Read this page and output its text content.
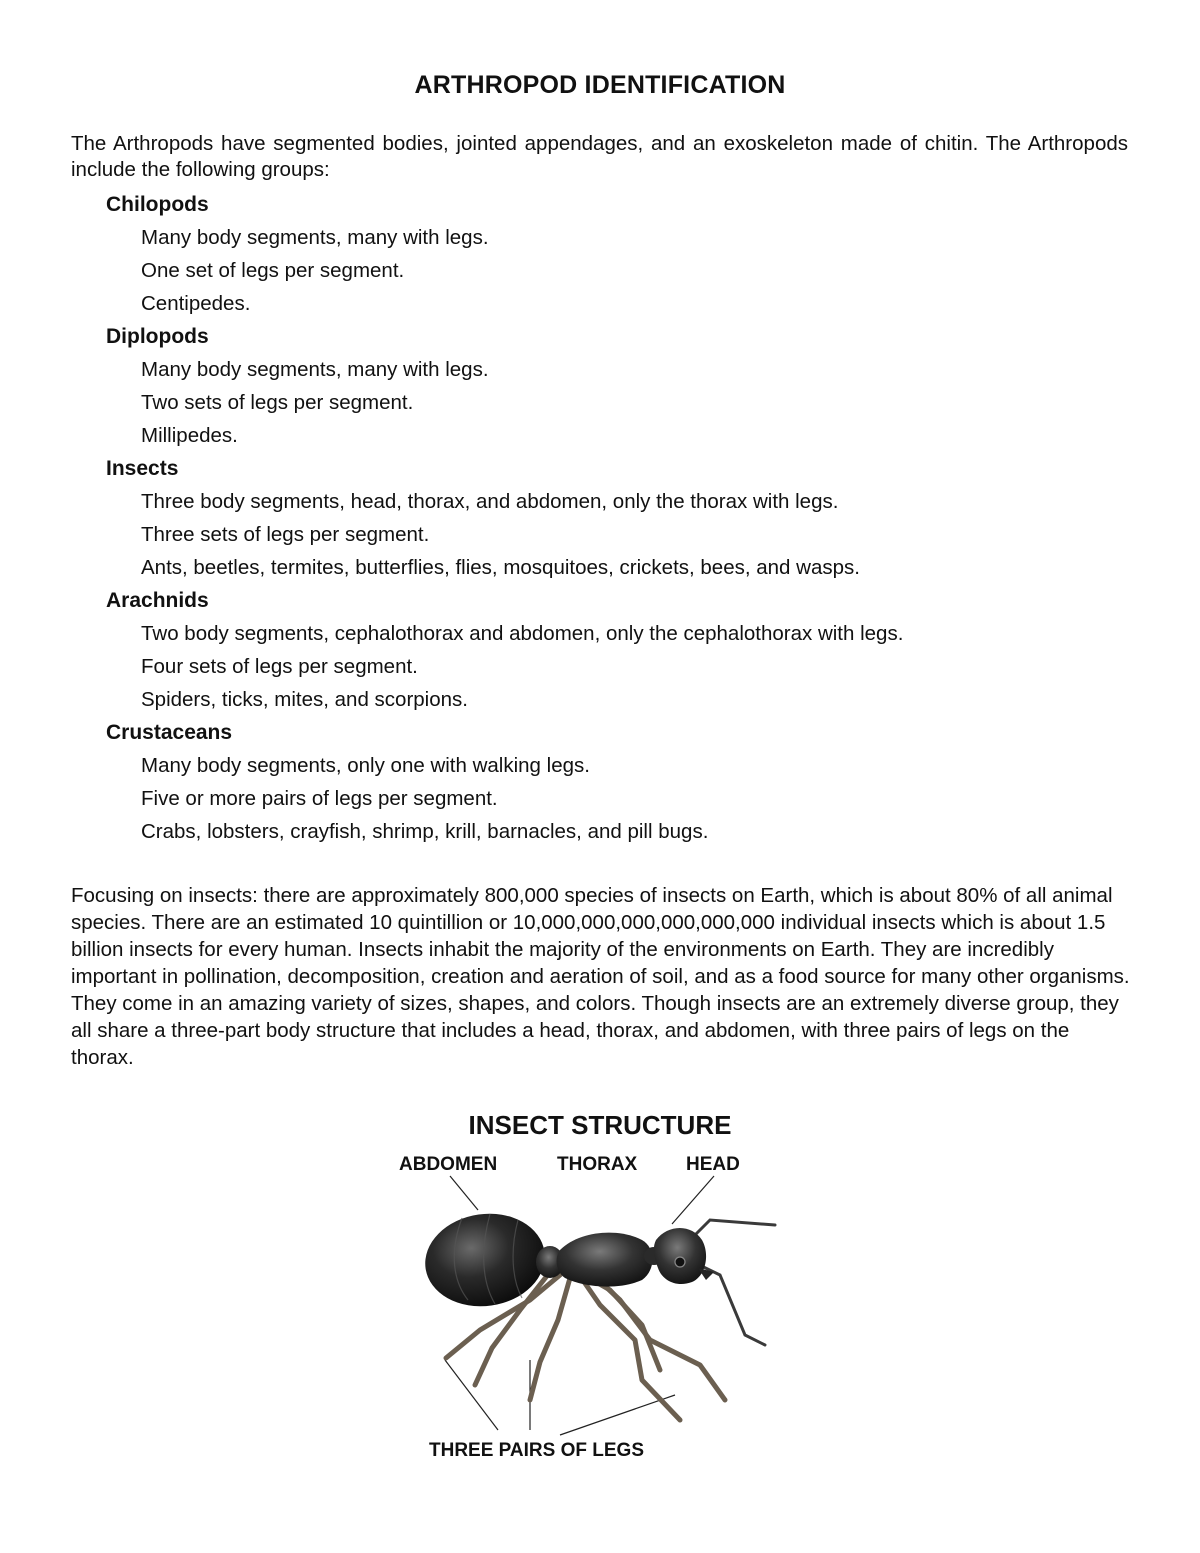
ARTHROPOD IDENTIFICATION
The Arthropods have segmented bodies, jointed appendages, and an exoskeleton made of chitin. The Arthropods include the following groups:
Chilopods
Many body segments, many with legs.
One set of legs per segment.
Centipedes.
Diplopods
Many body segments, many with legs.
Two sets of legs per segment.
Millipedes.
Insects
Three body segments, head, thorax, and abdomen, only the thorax with legs.
Three sets of legs per segment.
Ants, beetles, termites, butterflies, flies, mosquitoes, crickets, bees, and wasps.
Arachnids
Two body segments, cephalothorax and abdomen, only the cephalothorax with legs.
Four sets of legs per segment.
Spiders, ticks, mites, and scorpions.
Crustaceans
Many body segments, only one with walking legs.
Five or more pairs of legs per segment.
Crabs, lobsters, crayfish, shrimp, krill, barnacles, and pill bugs.
Focusing on insects: there are approximately 800,000 species of insects on Earth, which is about 80% of all animal species. There are an estimated 10 quintillion or 10,000,000,000,000,000,000 individual insects which is about 1.5 billion insects for every human. Insects inhabit the majority of the environments on Earth. They are incredibly important in pollination, decomposition, creation and aeration of soil, and as a food source for many other organisms. They come in an amazing variety of sizes, shapes, and colors. Though insects are an extremely diverse group, they all share a three-part body structure that includes a head, thorax, and abdomen, with three pairs of legs on the thorax.
INSECT STRUCTURE
ABDOMEN	THORAX	HEAD
THREE PAIRS OF LEGS
